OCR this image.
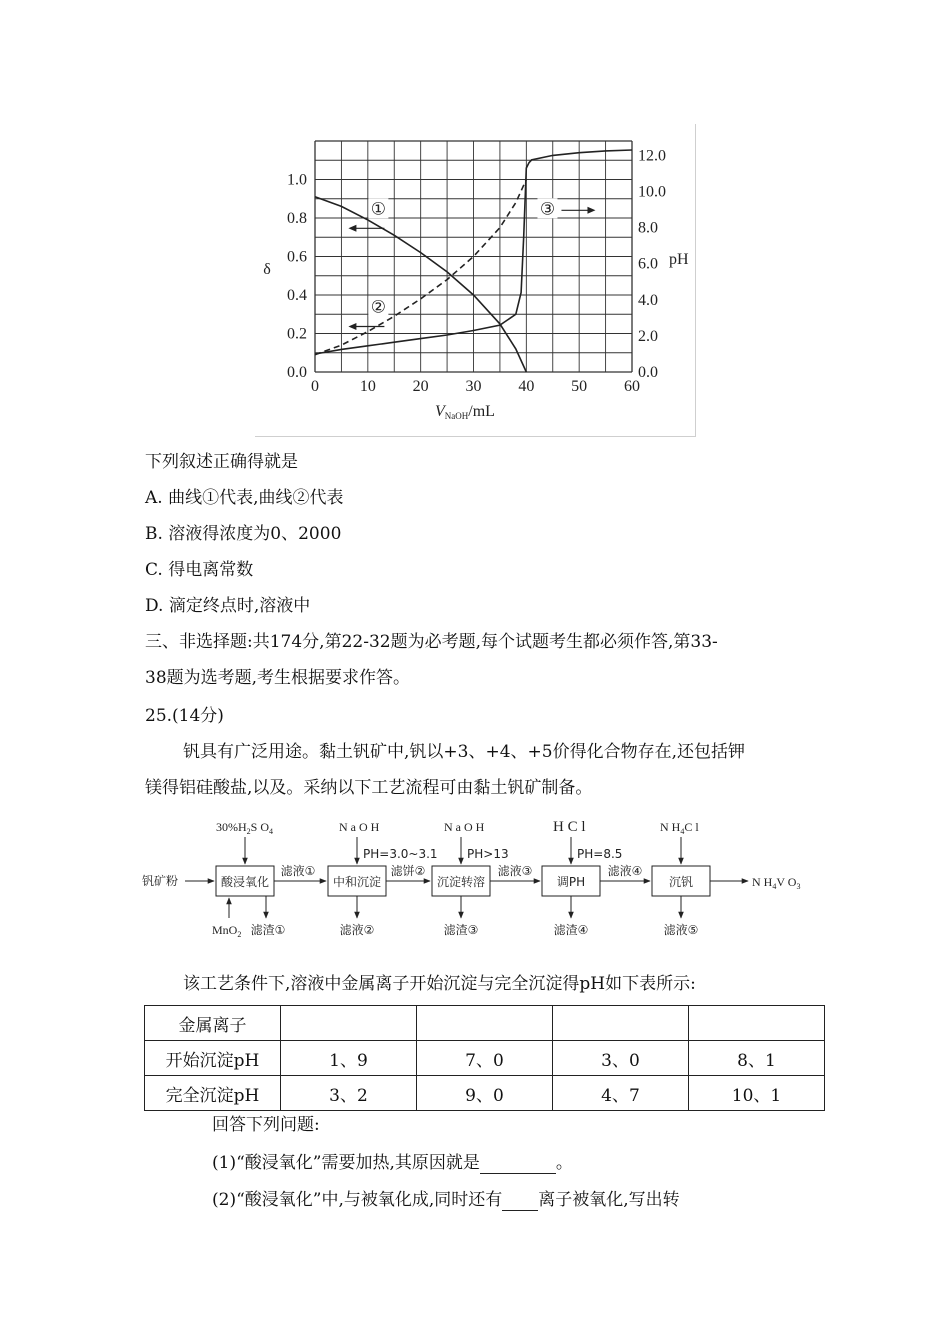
0	10 20 30 40 50 60
0.0
0.2
0.4
0.6
0.8
1.0
0.0
2.0
4.0
6.0
8.0
10.0
12.0
δ
pH
VNaOH/mL
①
②
③
下列叙述正确得就是
A. 曲线①代表,曲线②代表
B. 溶液得浓度为0、2000
C. 得电离常数
D. 滴定终点时,溶液中
三、非选择题:共174分,第22-32题为必考题,每个试题考生都必须作答,第33-
38题为选考题,考生根据要求作答。
25.(14分)
钒具有广泛用途。黏土钒矿中,钒以+3、+4、+5价得化合物存在,还包括钾
镁得铝硅酸盐,以及。采纳以下工艺流程可由黏土钒矿制备。
钒矿粉	酸浸氧化	中和沉淀	沉淀转溶	调PH	沉钒
滤液①	滤饼②	滤液③	滤液④
N $H_4V$ $O_3$
$30\%H_2S$ $O_4$	N a O H
PH=3.0~3.1
N a O H
PH>13
H C l
PH=8.5
N $H_4C$ l
MnO$_2$ 滤渣①	滤液②	滤渣③	滤渣④	滤液⑤
该工艺条件下,溶液中金属离子开始沉淀与完全沉淀得pH如下表所示:
金属离子				
开始沉淀pH	1、9	7、0	3、0	8、1
完全沉淀pH	3、2	9、0	4、7	10、1
回答下列问题:
(1)“酸浸氧化”需要加热,其原因就是	。
(2)“酸浸氧化”中,与被氧化成,同时还有 离子被氧化,写出转
